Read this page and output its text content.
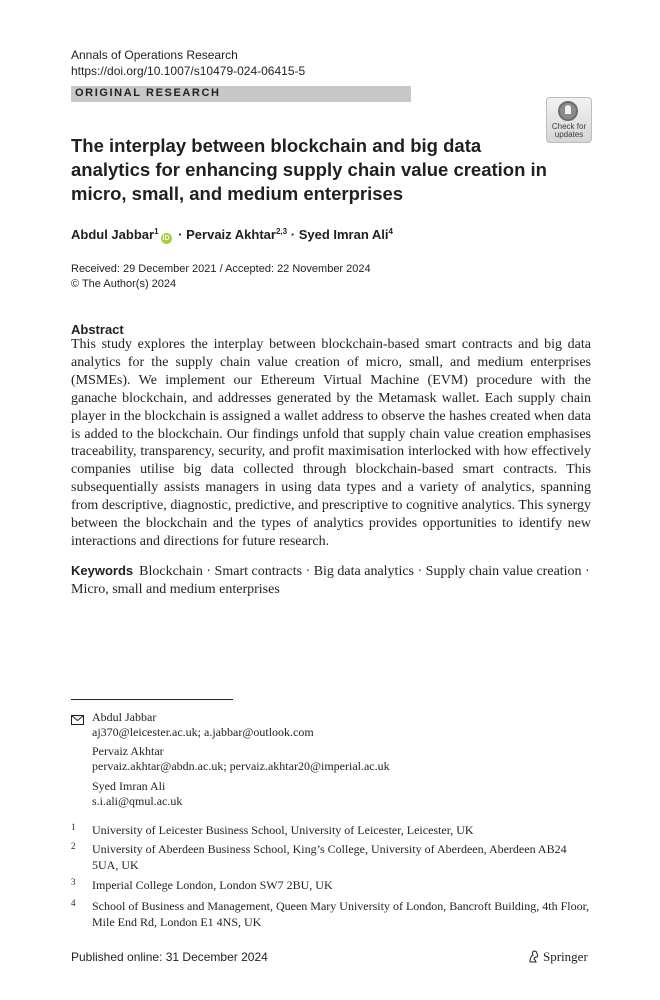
Annals of Operations Research
https://doi.org/10.1007/s10479-024-06415-5
ORIGINAL RESEARCH
Check for
updates
The interplay between blockchain and big data analytics for enhancing supply chain value creation in micro, small, and medium enterprises
Abdul Jabbar$^1$iD · Pervaiz Akhtar$^{2,3}$ · Syed Imran Ali$^4$
Received: 29 December 2021 / Accepted: 22 November 2024
© The Author(s) 2024
Abstract
This study explores the interplay between blockchain-based smart contracts and big data analytics for the supply chain value creation of micro, small, and medium enterprises (MSMEs). We implement our Ethereum Virtual Machine (EVM) procedure with the ganache blockchain, and addresses generated by the Metamask wallet. Each supply chain player in the blockchain is assigned a wallet address to observe the hashes created when data is added to the blockchain. Our findings unfold that supply chain value creation emphasises traceability, transparency, security, and profit maximisation interlocked with how effectively companies utilise big data collected through blockchain-based smart contracts. This subsequentially assists managers in using data types and a variety of analytics, spanning from descriptive, diagnostic, predictive, and prescriptive to cognitive analytics. This synergy between the blockchain and the types of analytics provides opportunities to identify new interactions and directions for future research.
Keywords Blockchain · Smart contracts · Big data analytics · Supply chain value creation · Micro, small and medium enterprises
Abdul Jabbar
aj370@leicester.ac.uk; a.jabbar@outlook.com
Pervaiz Akhtar
pervaiz.akhtar@abdn.ac.uk; pervaiz.akhtar20@imperial.ac.uk
Syed Imran Ali
s.i.ali@qmul.ac.uk
1 University of Leicester Business School, University of Leicester, Leicester, UK
2 University of Aberdeen Business School, King’s College, University of Aberdeen, Aberdeen AB24 5UA, UK
3 Imperial College London, London SW7 2BU, UK
4 School of Business and Management, Queen Mary University of London, Bancroft Building, 4th Floor, Mile End Rd, London E1 4NS, UK
Published online: 31 December 2024	Springer
